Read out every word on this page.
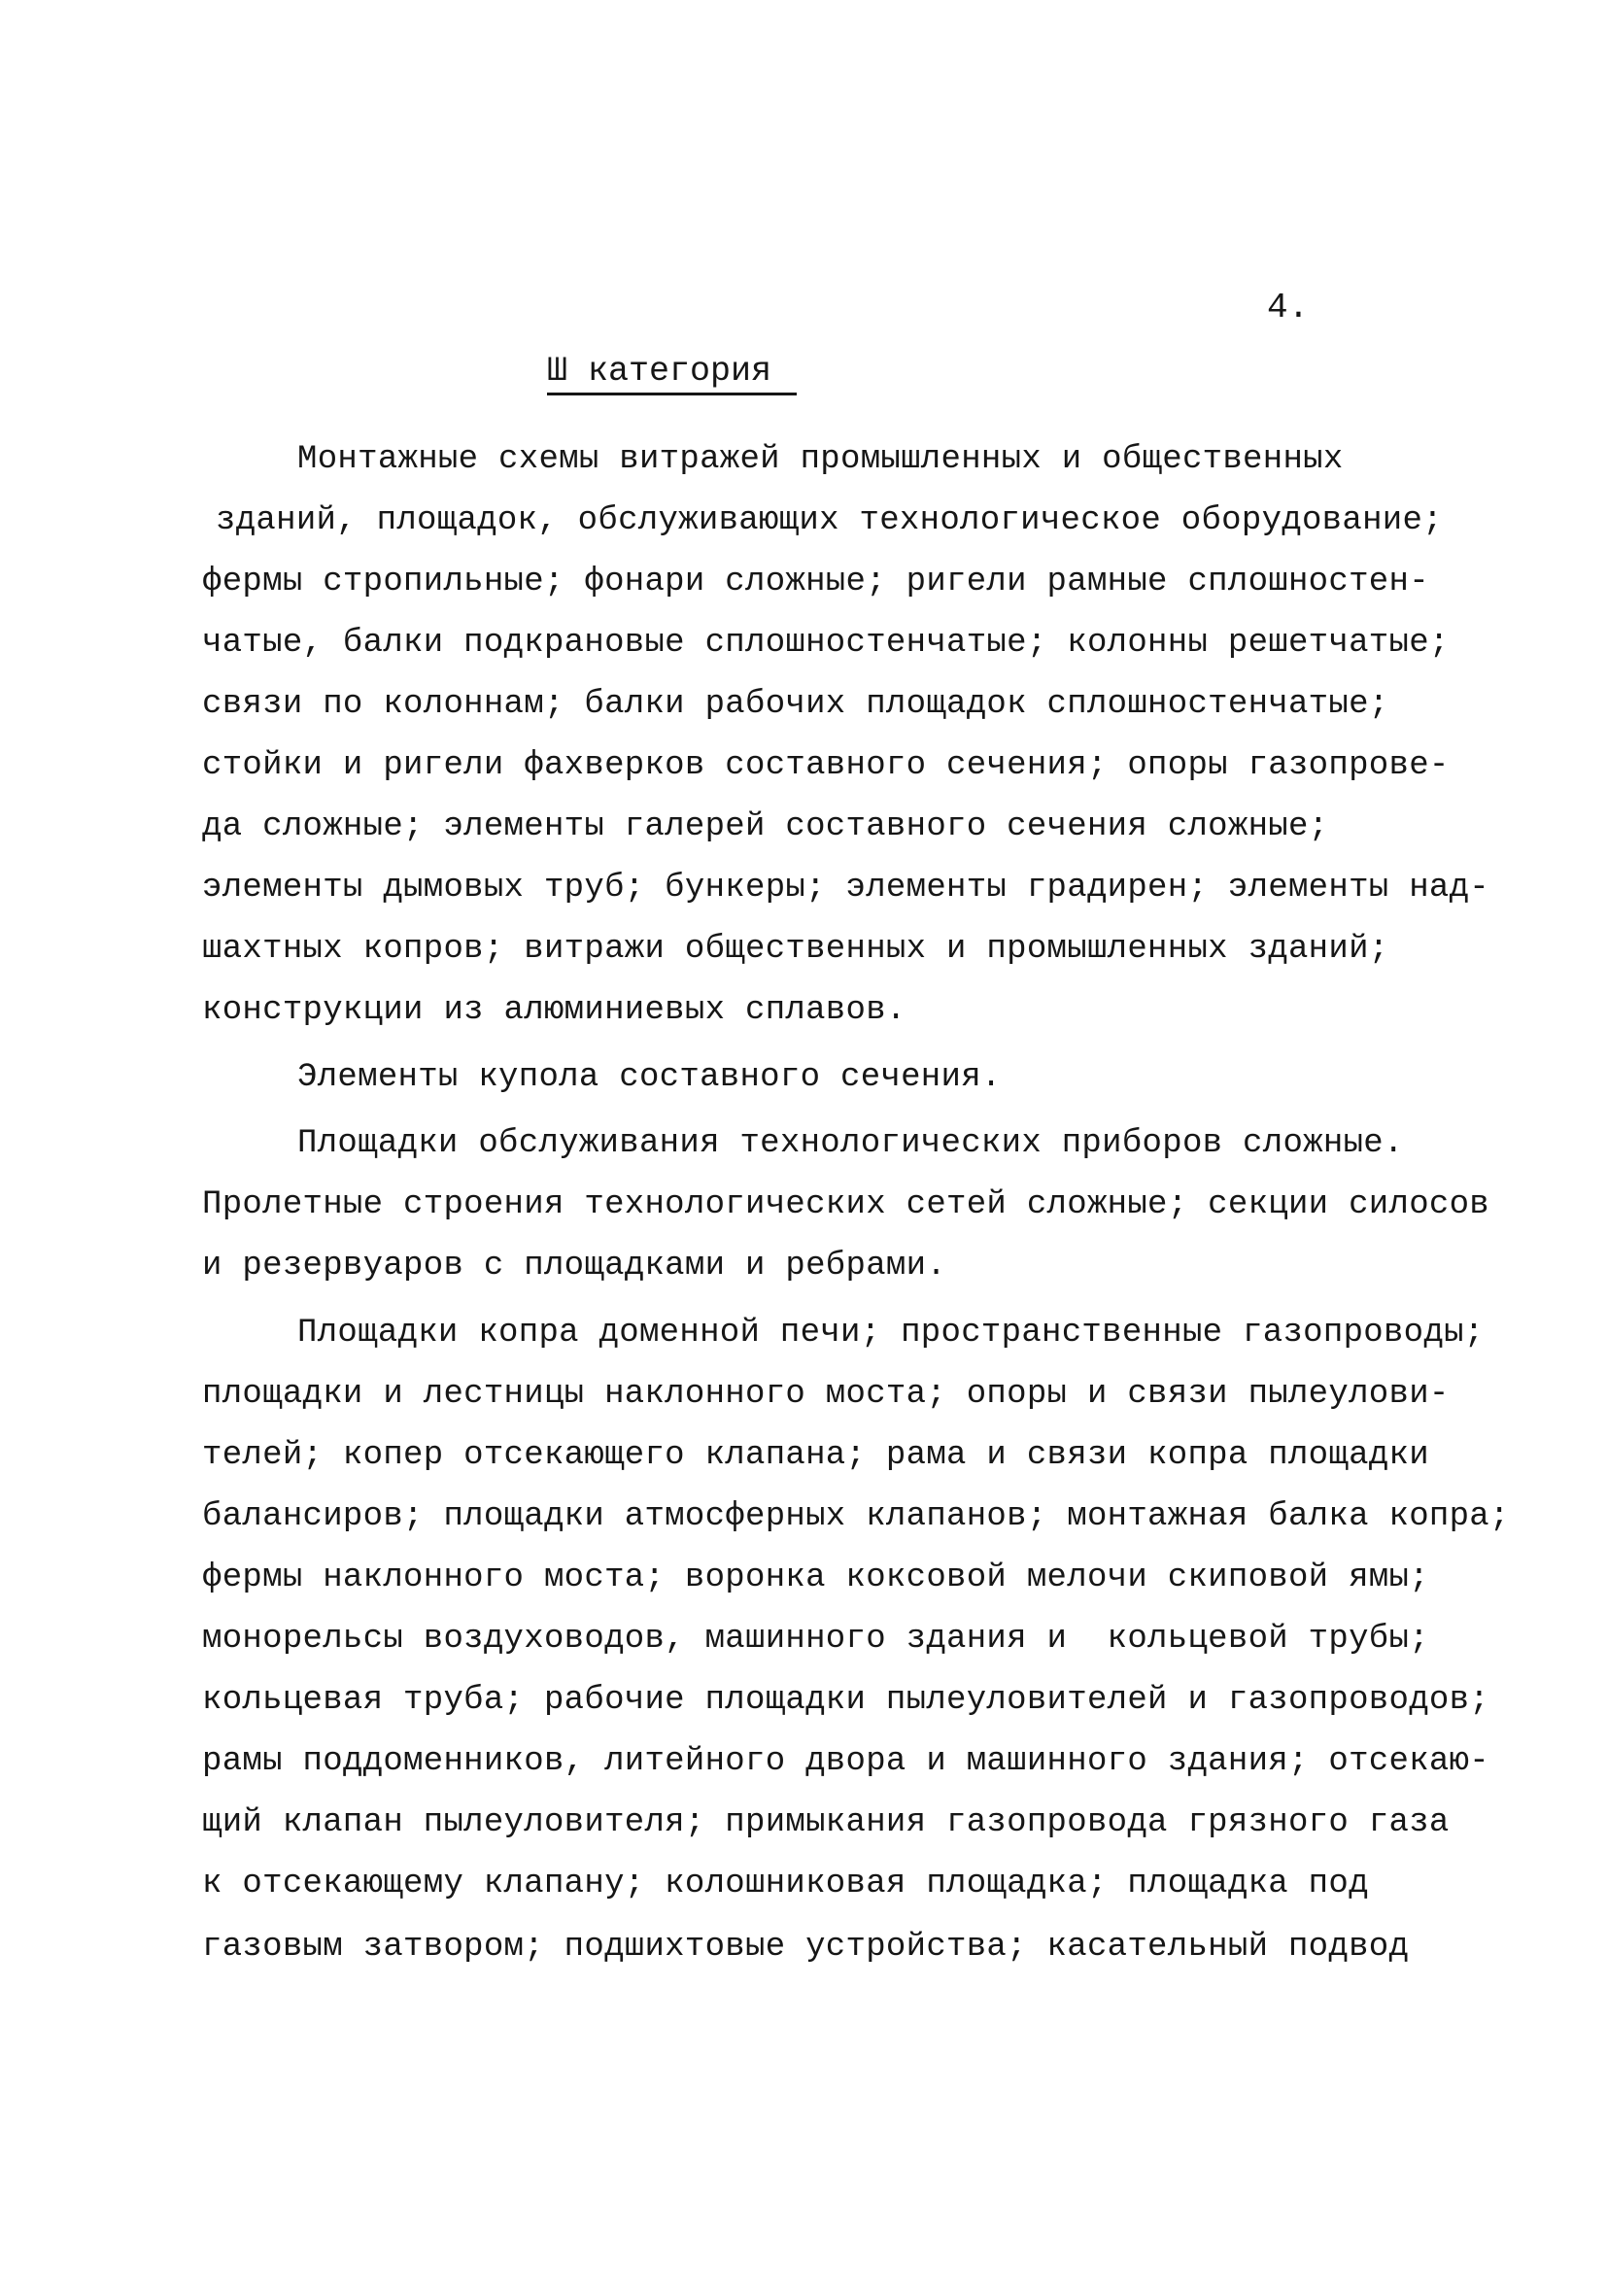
4.
Ш категория
Монтажные схемы витражей промышленных и общественных
зданий, площадок, обслуживающих технологическое оборудование;
фермы стропильные; фонари сложные; ригели рамные сплошностен-
чатые, балки подкрановые сплошностенчатые; колонны решетчатые;
связи по колоннам; балки рабочих площадок сплошностенчатые;
стойки и ригели фахверков составного сечения; опоры газопрове-
да сложные; элементы галерей составного сечения сложные;
элементы дымовых труб; бункеры; элементы градирен; элементы над-
шахтных копров; витражи общественных и промышленных зданий;
конструкции из алюминиевых сплавов.
Элементы купола составного сечения.
Площадки обслуживания технологических приборов сложные.
Пролетные строения технологических сетей сложные; секции силосов
и резервуаров с площадками и ребрами.
Площадки копра доменной печи; пространственные газопроводы;
площадки и лестницы наклонного моста; опоры и связи пылеулови-
телей; копер отсекающего клапана; рама и связи копра площадки
балансиров; площадки атмосферных клапанов; монтажная балка копра;
фермы наклонного моста; воронка коксовой мелочи скиповой ямы;
монорельсы воздуховодов, машинного здания и  кольцевой трубы;
кольцевая труба; рабочие площадки пылеуловителей и газопроводов;
рамы поддоменников, литейного двора и машинного здания; отсекаю-
щий клапан пылеуловителя; примыкания газопровода грязного газа
к отсекающему клапану; колошниковая площадка; площадка под
газовым затвором; подшихтовые устройства; касательный подвод
